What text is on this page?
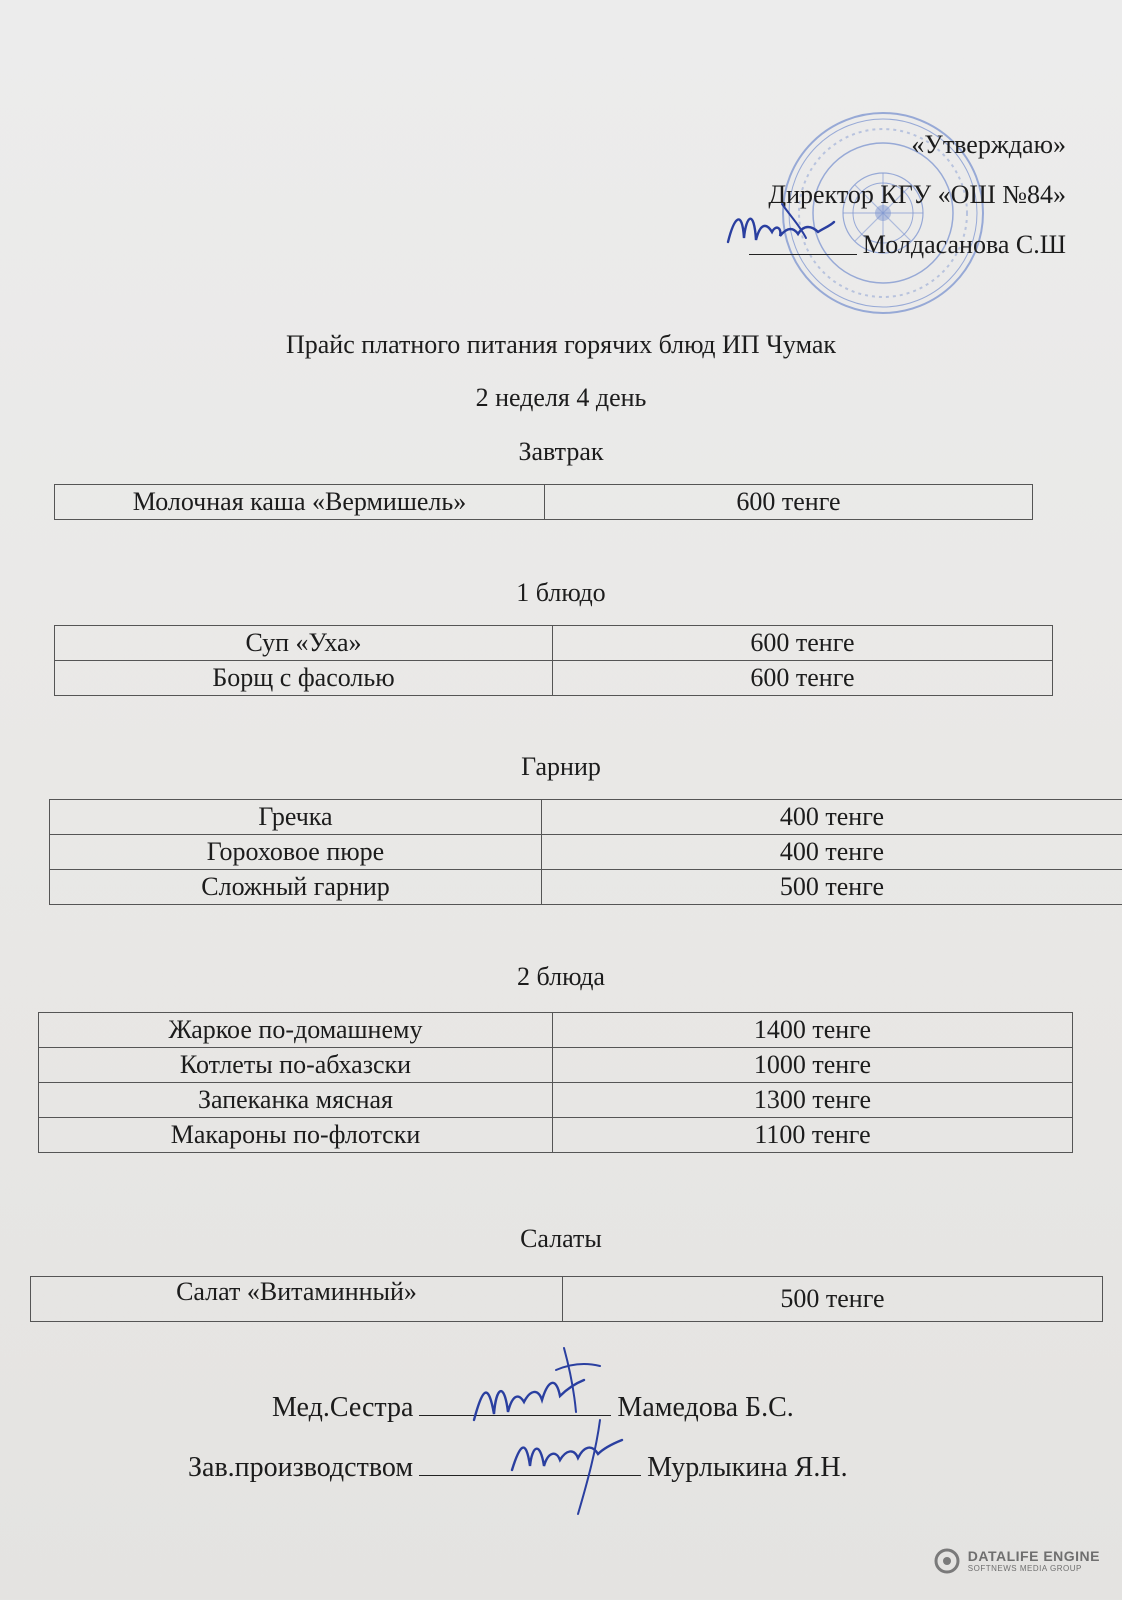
«Утверждаю»
Директор КГУ «ОШ №84»
Молдасанова С.Ш
Прайс платного питания горячих блюд ИП Чумак
2 неделя 4 день
Завтрак
Молочная каша «Вермишель»	600 тенге
1 блюдо
Суп «Уха»	600 тенге
Борщ с фасолью	600 тенге
Гарнир
Гречка	400 тенге
Гороховое пюре	400 тенге
Сложный гарнир	500 тенге
2 блюда
Жаркое по-домашнему	1400 тенге
Котлеты по-абхазски	1000 тенге
Запеканка мясная	1300 тенге
Макароны по-флотски	1100 тенге
Салаты
Салат «Витаминный»	500 тенге
Мед.Сестра	Мамедова Б.С.
Зав.производством	Мурлыкина Я.Н.
DATALIFE ENGINE
SOFTNEWS MEDIA GROUP
